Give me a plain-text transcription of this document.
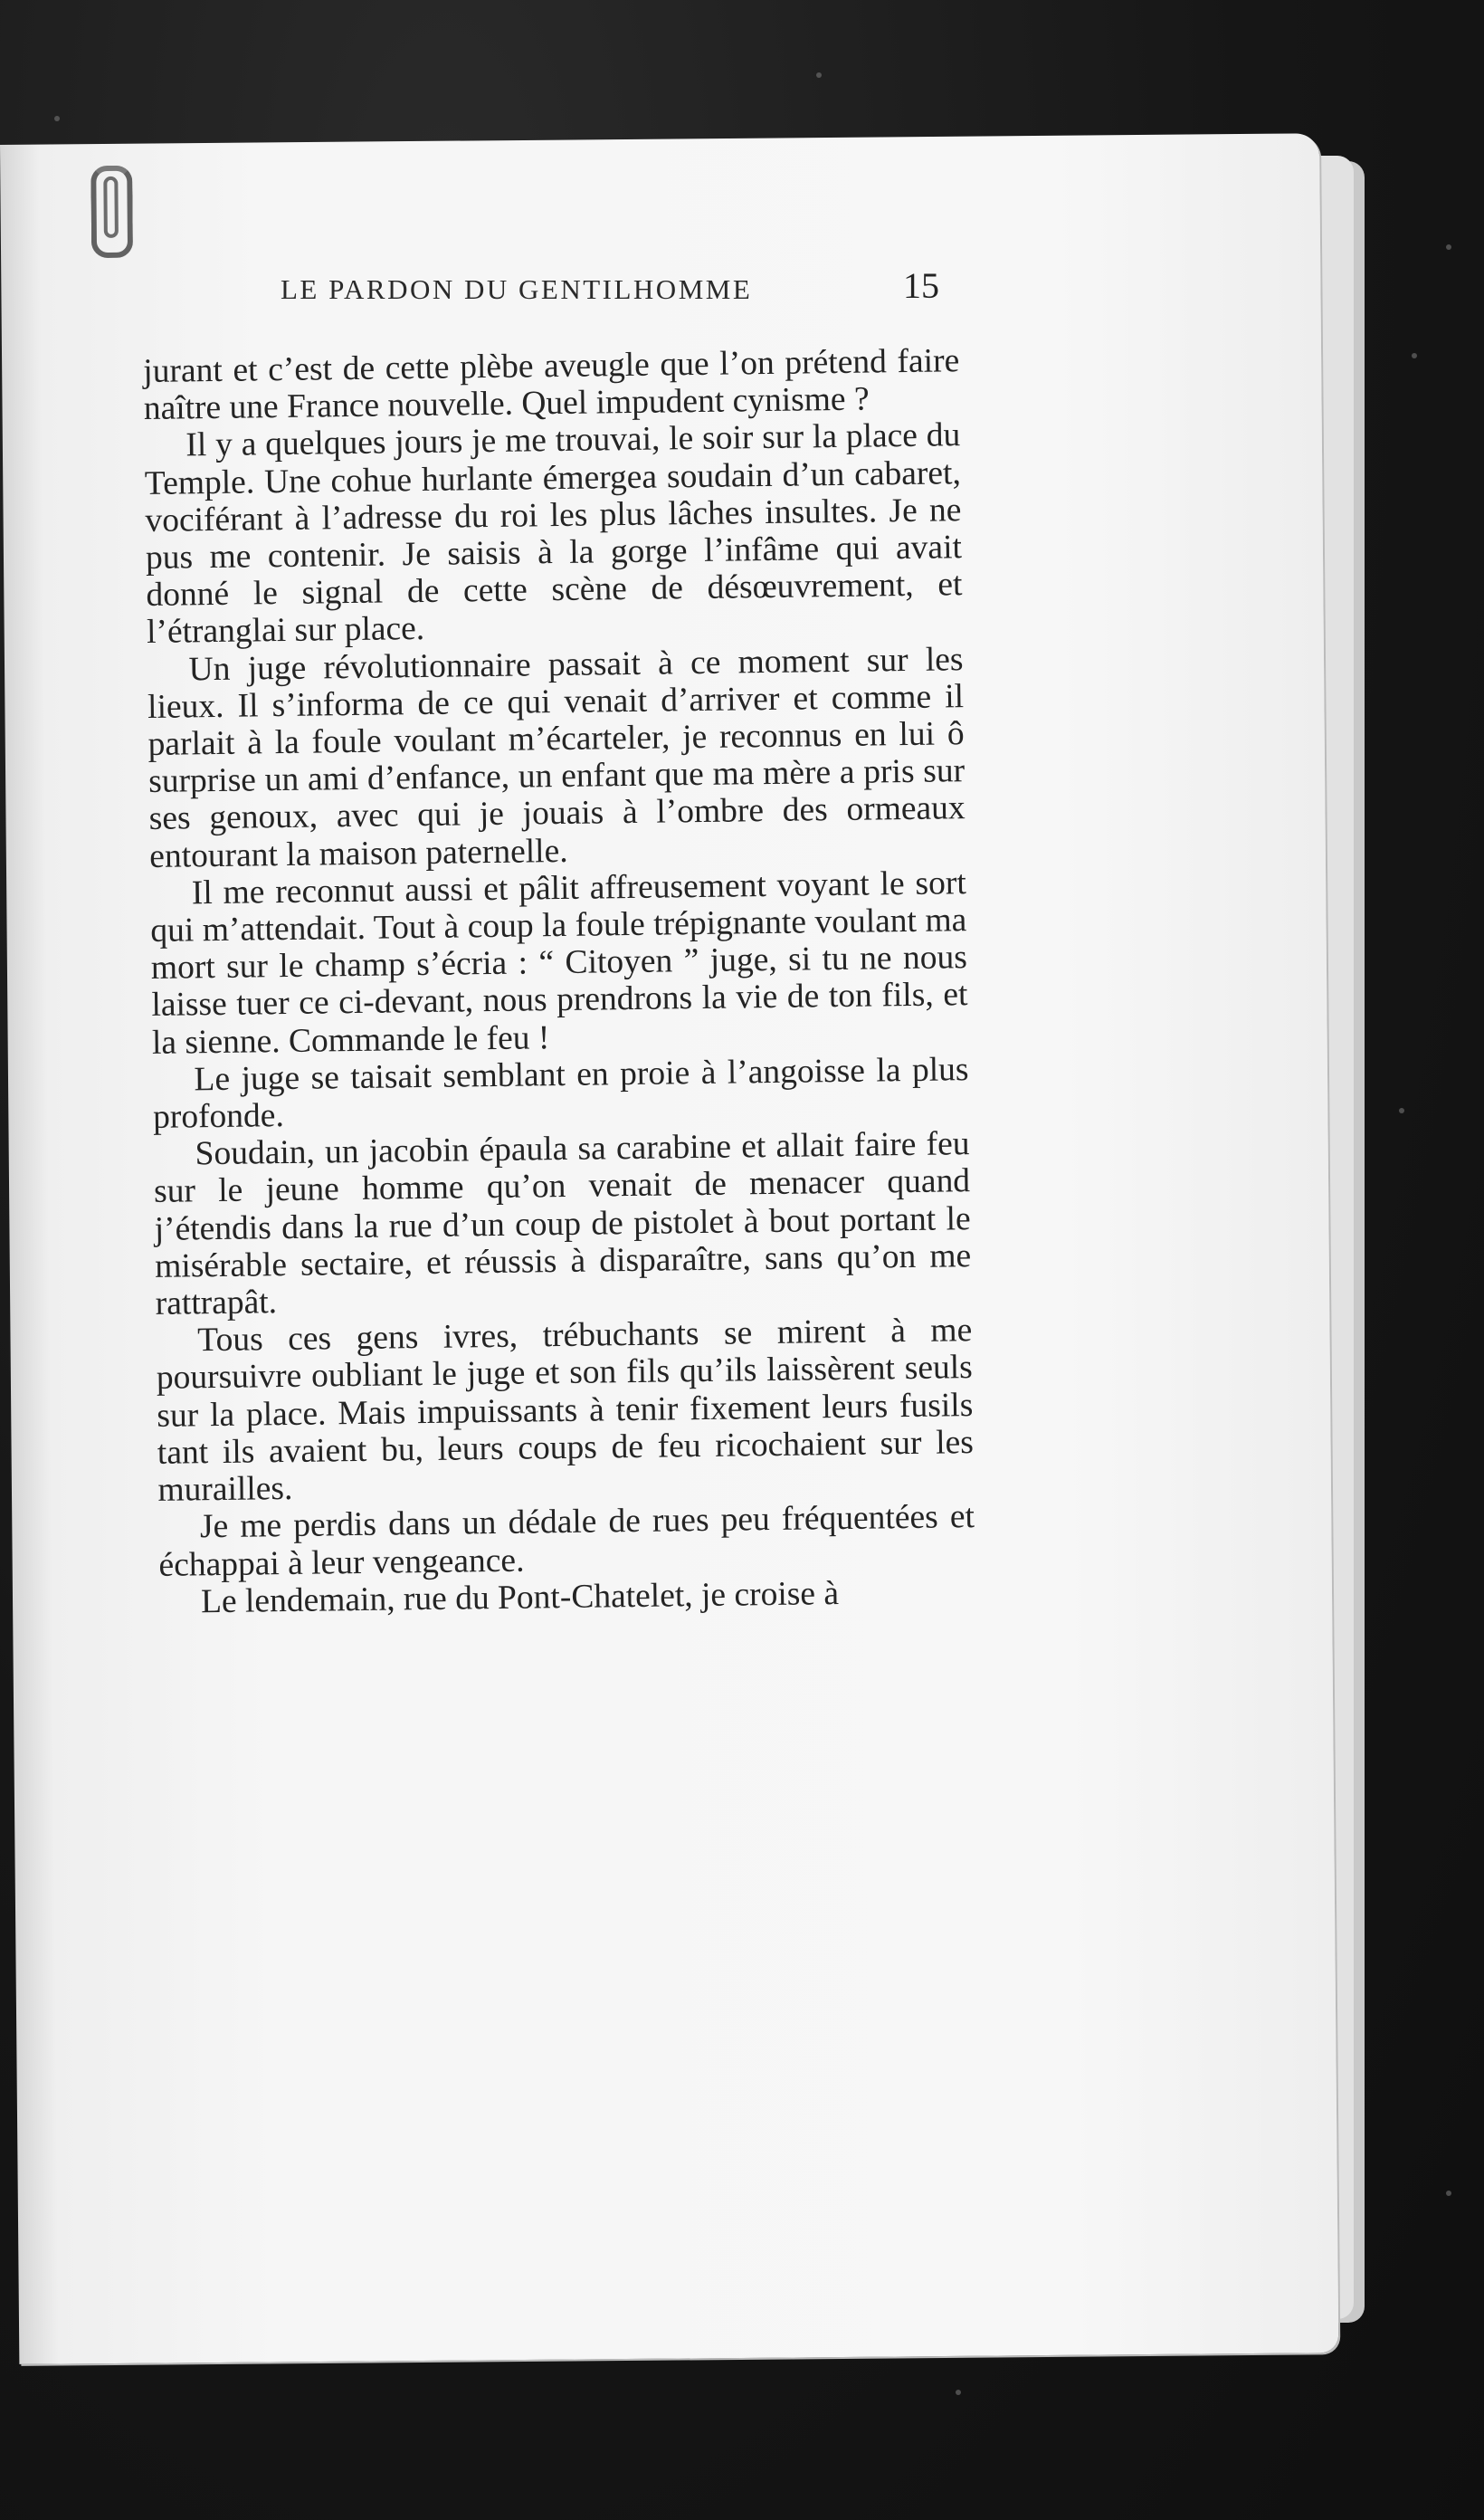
LE PARDON DU GENTILHOMME	15

jurant et c’est de cette plèbe aveugle que l’on prétend faire naître une France nouvelle. Quel impudent cynisme ?

Il y a quelques jours je me trouvai, le soir sur la place du Temple. Une cohue hurlante émergea soudain d’un cabaret, vociférant à l’adresse du roi les plus lâches insultes. Je ne pus me contenir. Je saisis à la gorge l’infâme qui avait donné le signal de cette scène de désœuvrement, et l’étranglai sur place.

Un juge révolutionnaire passait à ce moment sur les lieux. Il s’informa de ce qui venait d’arriver et comme il parlait à la foule voulant m’écarteler, je reconnus en lui ô surprise un ami d’enfance, un enfant que ma mère a pris sur ses genoux, avec qui je jouais à l’ombre des ormeaux entourant la maison paternelle.

Il me reconnut aussi et pâlit affreusement voyant le sort qui m’attendait. Tout à coup la foule trépignante voulant ma mort sur le champ s’écria : “ Citoyen ” juge, si tu ne nous laisse tuer ce ci-devant, nous prendrons la vie de ton fils, et la sienne. Commande le feu !

Le juge se taisait semblant en proie à l’angoisse la plus profonde.

Soudain, un jacobin épaula sa carabine et allait faire feu sur le jeune homme qu’on venait de menacer quand j’étendis dans la rue d’un coup de pistolet à bout portant le misérable sectaire, et réussis à disparaître, sans qu’on me rattrapât.

Tous ces gens ivres, trébuchants se mirent à me poursuivre oubliant le juge et son fils qu’ils laissèrent seuls sur la place. Mais impuissants à tenir fixement leurs fusils tant ils avaient bu, leurs coups de feu ricochaient sur les murailles.

Je me perdis dans un dédale de rues peu fréquentées et échappai à leur vengeance.

Le lendemain, rue du Pont-Chatelet, je croise à
